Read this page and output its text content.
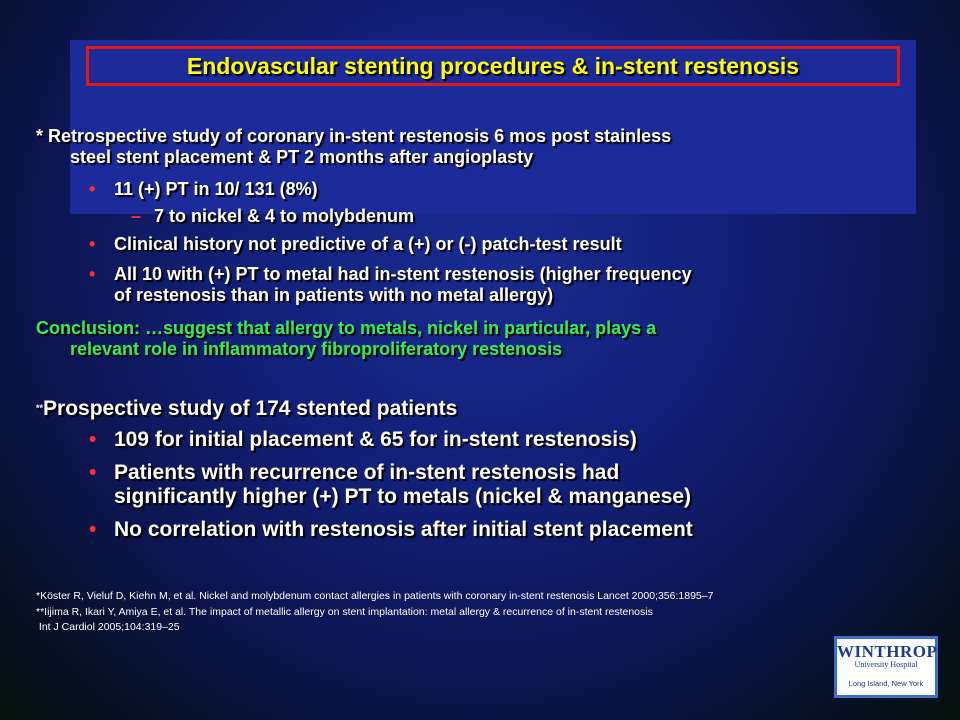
Endovascular stenting procedures & in-stent restenosis
* Retrospective study of coronary in-stent restenosis 6 mos post stainless
steel stent placement & PT 2 months after angioplasty
• 11 (+) PT in 10/ 131 (8%)
– 7 to nickel & 4 to molybdenum
• Clinical history not predictive of a (+) or (-) patch-test result
• All 10 with (+) PT to metal had in-stent restenosis (higher frequency
of restenosis than in patients with no metal allergy)
Conclusion: …suggest that allergy to metals, nickel in particular, plays a
relevant role in inflammatory fibroproliferatory restenosis
**Prospective study of 174 stented patients
• 109 for initial placement & 65 for in-stent restenosis)
• Patients with recurrence of in-stent restenosis had
significantly higher (+) PT to metals (nickel & manganese)
• No correlation with restenosis after initial stent placement
*Köster R, Vieluf D, Kiehn M, et al. Nickel and molybdenum contact allergies in patients with coronary in-stent restenosis Lancet 2000;356:1895–7
**Iijima R, Ikari Y, Amiya E, et al. The impact of metallic allergy on stent implantation: metal allergy & recurrence of in-stent restenosis
Int J Cardiol 2005;104:319–25
WINTHROP
University Hospital
Long Island, New York
